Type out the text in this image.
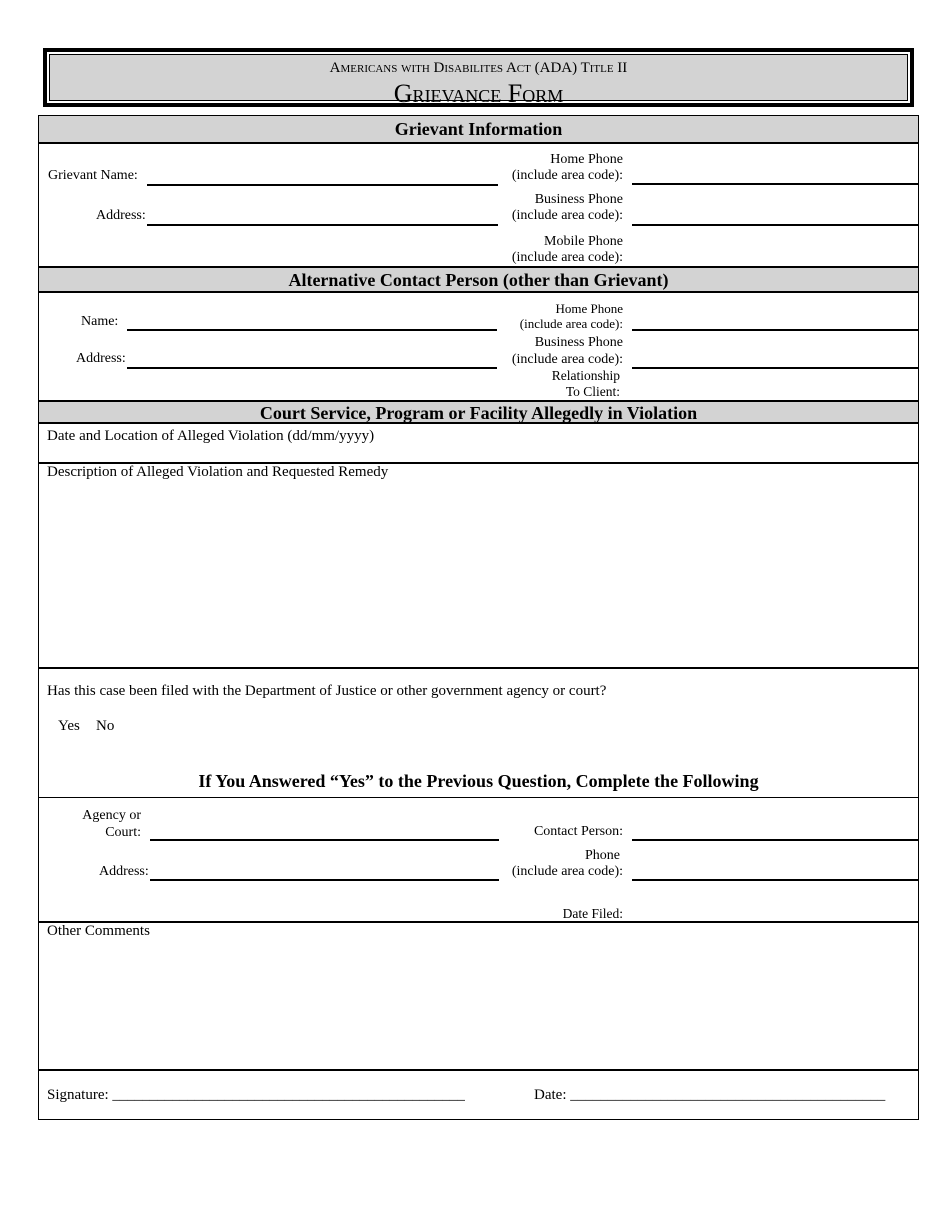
Americans with Disabilites Act (ADA) Title II
Grievance Form
Grievant Information
Grievant Name:
Address:
Home Phone
(include area code):
Business Phone
(include area code):
Mobile Phone
(include area code):
Alternative Contact Person (other than Grievant)
Name:
Address:
Home Phone
(include area code):
Business Phone
(include area code):
Relationship
To Client:
Court Service, Program or Facility Allegedly in Violation
Date and Location of Alleged Violation (dd/mm/yyyy)
Description of Alleged Violation and Requested Remedy
Has this case been filed with the Department of Justice or other government agency or court?
Yes No
If You Answered “Yes” to the Previous Question, Complete the Following
Agency or
Court:
Address:
Contact Person:
Phone
(include area code):
Date Filed:
Other Comments
Signature: _______________________________________________	Date: __________________________________________
